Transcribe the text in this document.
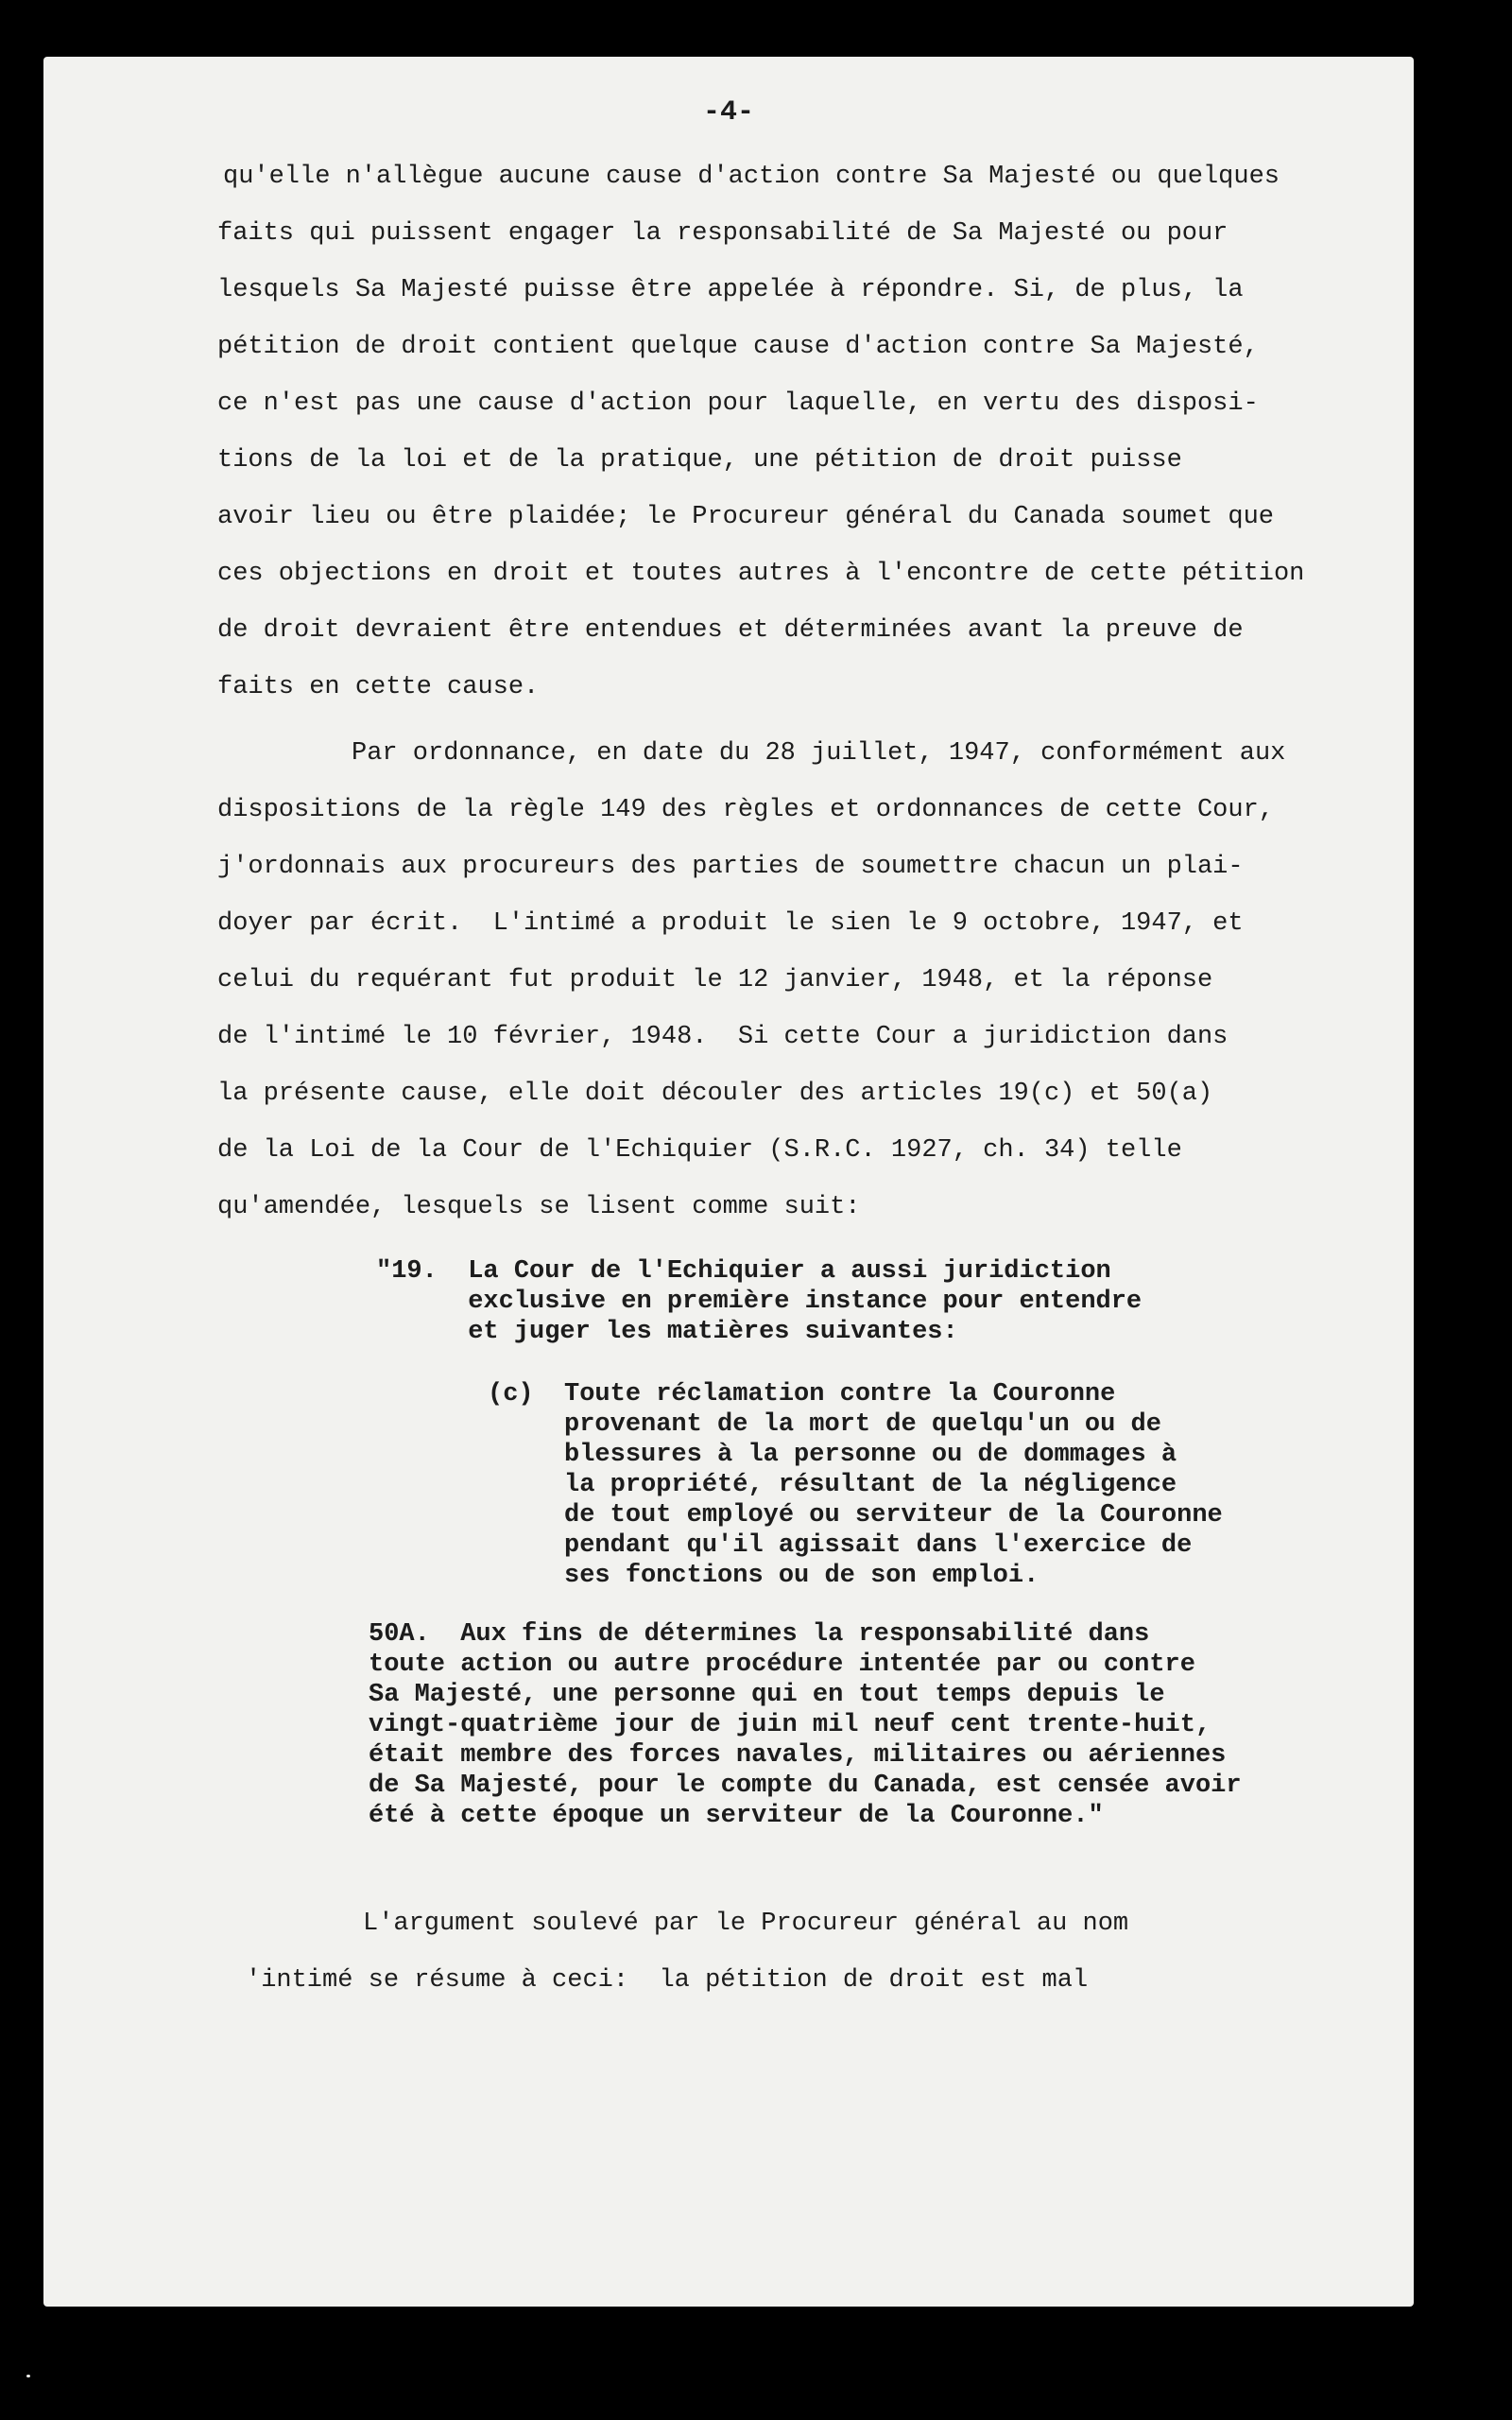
-4-
qu'elle n'allègue aucune cause d'action contre Sa Majesté ou quelques
faits qui puissent engager la responsabilité de Sa Majesté ou pour
lesquels Sa Majesté puisse être appelée à répondre. Si, de plus, la
pétition de droit contient quelque cause d'action contre Sa Majesté,
ce n'est pas une cause d'action pour laquelle, en vertu des disposi-
tions de la loi et de la pratique, une pétition de droit puisse
avoir lieu ou être plaidée; le Procureur général du Canada soumet que
ces objections en droit et toutes autres à l'encontre de cette pétition
de droit devraient être entendues et déterminées avant la preuve de
faits en cette cause.
Par ordonnance, en date du 28 juillet, 1947, conformément aux
dispositions de la règle 149 des règles et ordonnances de cette Cour,
j'ordonnais aux procureurs des parties de soumettre chacun un plai-
doyer par écrit.  L'intimé a produit le sien le 9 octobre, 1947, et
celui du requérant fut produit le 12 janvier, 1948, et la réponse
de l'intimé le 10 février, 1948.  Si cette Cour a juridiction dans
la présente cause, elle doit découler des articles 19(c) et 50(a)
de la Loi de la Cour de l'Echiquier (S.R.C. 1927, ch. 34) telle
qu'amendée, lesquels se lisent comme suit:
"19.  La Cour de l'Echiquier a aussi juridiction
exclusive en première instance pour entendre
et juger les matières suivantes:
(c)  Toute réclamation contre la Couronne
provenant de la mort de quelqu'un ou de
blessures à la personne ou de dommages à
la propriété, résultant de la négligence
de tout employé ou serviteur de la Couronne
pendant qu'il agissait dans l'exercice de
ses fonctions ou de son emploi.
50A.  Aux fins de détermines la responsabilité dans
toute action ou autre procédure intentée par ou contre
Sa Majesté, une personne qui en tout temps depuis le
vingt-quatrième jour de juin mil neuf cent trente-huit,
était membre des forces navales, militaires ou aériennes
de Sa Majesté, pour le compte du Canada, est censée avoir
été à cette époque un serviteur de la Couronne."
L'argument soulevé par le Procureur général au nom
'intimé se résume à ceci:  la pétition de droit est mal
